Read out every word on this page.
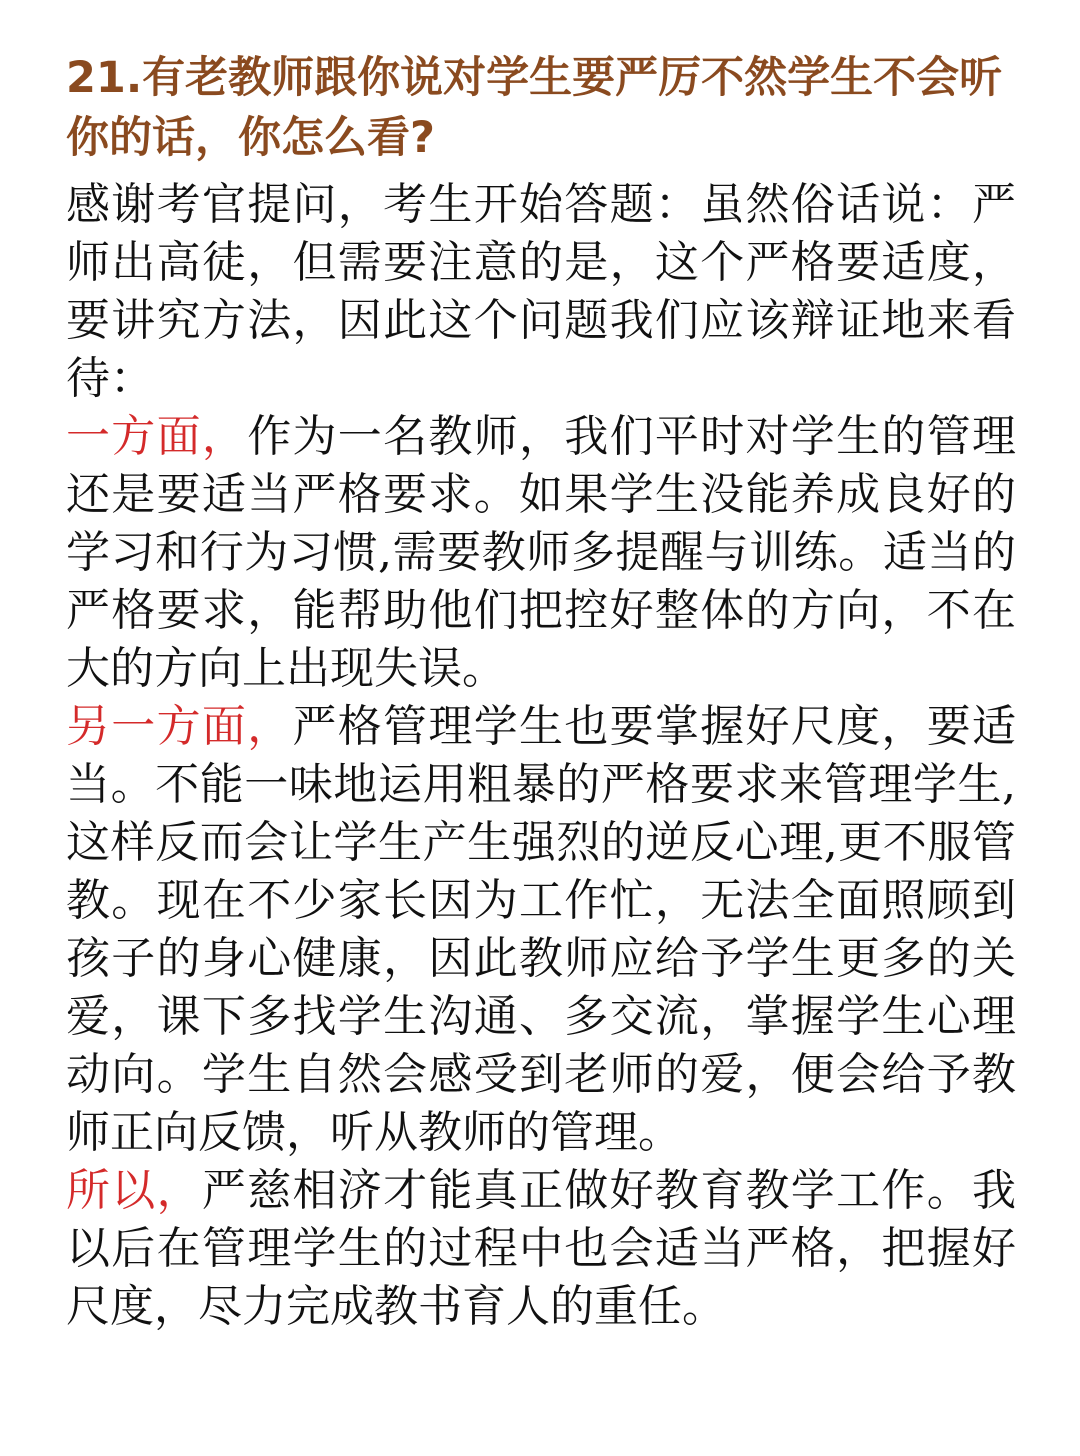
21.有老教师跟你说对学生要严厉不然学生不会听你的话，你怎么看?

感谢考官提问，考生开始答题：虽然俗话说：严师出高徒，但需要注意的是，这个严格要适度，要讲究方法，因此这个问题我们应该辩证地来看待：

一方面，作为一名教师，我们平时对学生的管理还是要适当严格要求。如果学生没能养成良好的学习和行为习惯,需要教师多提醒与训练。适当的严格要求，能帮助他们把控好整体的方向，不在大的方向上出现失误。

另一方面，严格管理学生也要掌握好尺度，要适当。不能一味地运用粗暴的严格要求来管理学生,这样反而会让学生产生强烈的逆反心理,更不服管教。现在不少家长因为工作忙，无法全面照顾到孩子的身心健康，因此教师应给予学生更多的关爱，课下多找学生沟通、多交流，掌握学生心理动向。学生自然会感受到老师的爱，便会给予教师正向反馈，听从教师的管理。

所以，严慈相济才能真正做好教育教学工作。我以后在管理学生的过程中也会适当严格，把握好尺度，尽力完成教书育人的重任。
